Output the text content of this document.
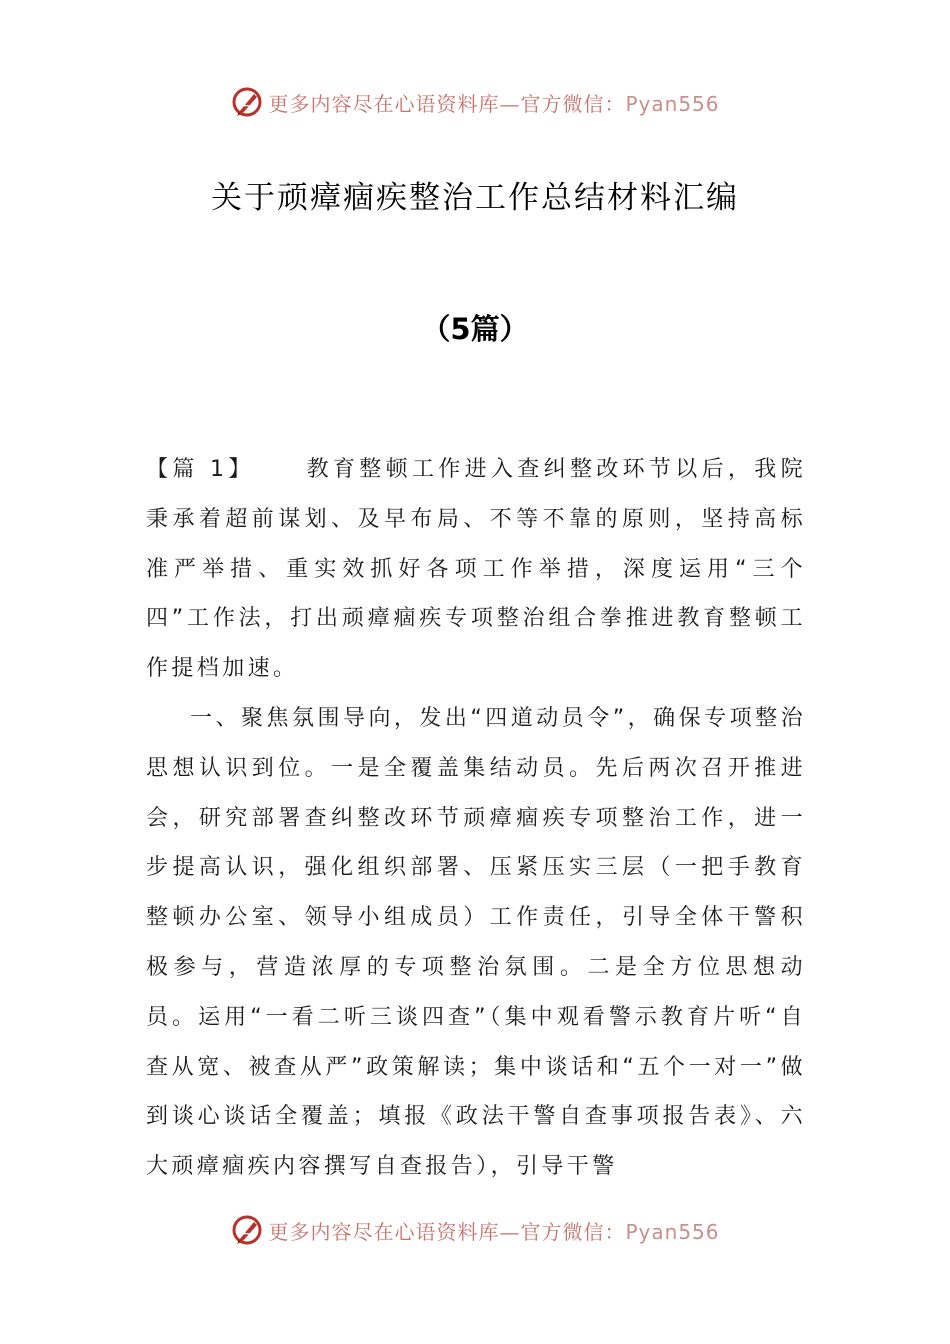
更多内容尽在心语资料库—官方微信：Pyan556
关于顽瘴痼疾整治工作总结材料汇编
（5篇）

【篇 1】 教育整顿工作进入查纠整改环节以后，我院秉承着超前谋划、及早布局、不等不靠的原则，坚持高标准严举措、重实效抓好各项工作举措，深度运用“三个四”工作法，打出顽瘴痼疾专项整治组合拳推进教育整顿工作提档加速。

一、聚焦氛围导向，发出“四道动员令”，确保专项整治思想认识到位。一是全覆盖集结动员。先后两次召开推进会，研究部署查纠整改环节顽瘴痼疾专项整治工作，进一步提高认识，强化组织部署、压紧压实三层（一把手教育整顿办公室、领导小组成员）工作责任，引导全体干警积极参与，营造浓厚的专项整治氛围。二是全方位思想动员。运用“一看二听三谈四查”（集中观看警示教育片听“自查从宽、被查从严”政策解读；集中谈话和“五个一对一”做到谈心谈话全覆盖；填报《政法干警自查事项报告表》、六大顽瘴痼疾内容撰写自查报告），引导干警

更多内容尽在心语资料库—官方微信：Pyan556
